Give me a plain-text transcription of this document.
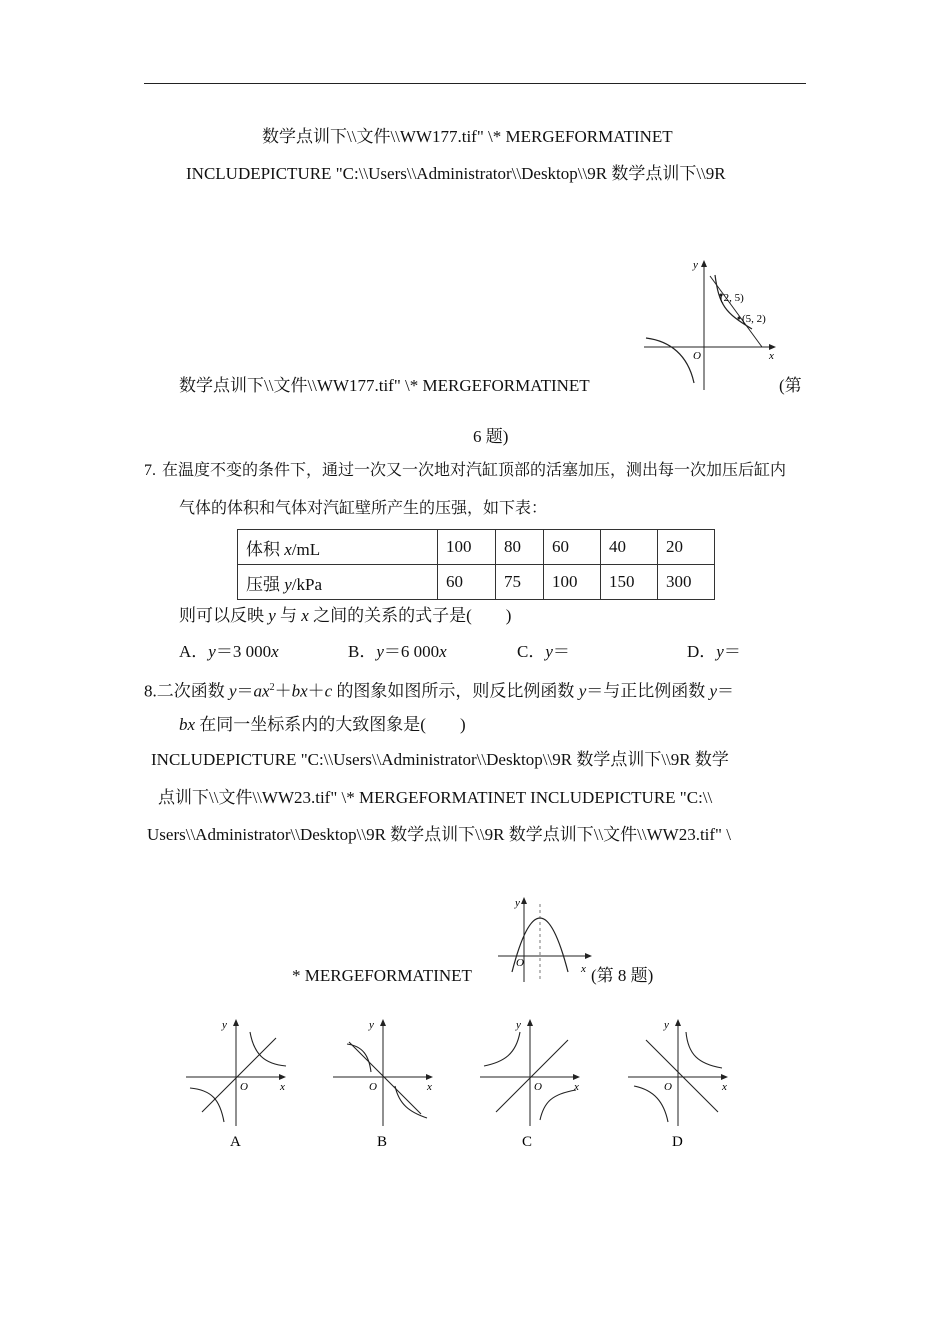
数学点训下\\文件\\WW177.tif" \* MERGEFORMATINET
INCLUDEPICTURE "C:\\Users\\Administrator\\Desktop\\9R 数学点训下\\9R
y
x
O
(2, 5)
(5, 2)
数学点训下\\文件\\WW177.tif" \* MERGEFORMATINET	(第
6 题)
7. 在温度不变的条件下，通过一次又一次地对汽缸顶部的活塞加压，测出每一次加压后缸内
气体的体积和气体对汽缸壁所产生的压强，如下表：
体积 x/mL	100	80	60	40	20
压强 y/kPa	60	75	100	150	300
则可以反映 y 与 x 之间的关系的式子是(　　)
A．y＝3 000x	B．y＝6 000x	C．y＝	D．y＝
8.二次函数 $y=ax^2+bx+c$ 的图象如图所示，则反比例函数 y＝与正比例函数 y＝
bx 在同一坐标系内的大致图象是(　　)
INCLUDEPICTURE "C:\\Users\\Administrator\\Desktop\\9R 数学点训下\\9R 数学
点训下\\文件\\WW23.tif" \* MERGEFORMATINET INCLUDEPICTURE "C:\\
Users\\Administrator\\Desktop\\9R 数学点训下\\9R 数学点训下\\文件\\WW23.tif" \
* MERGEFORMATINET
y
x
O
(第 8 题)
y
x
O
A
y
x
O
B
y
x
O
C
y
x
O
D
